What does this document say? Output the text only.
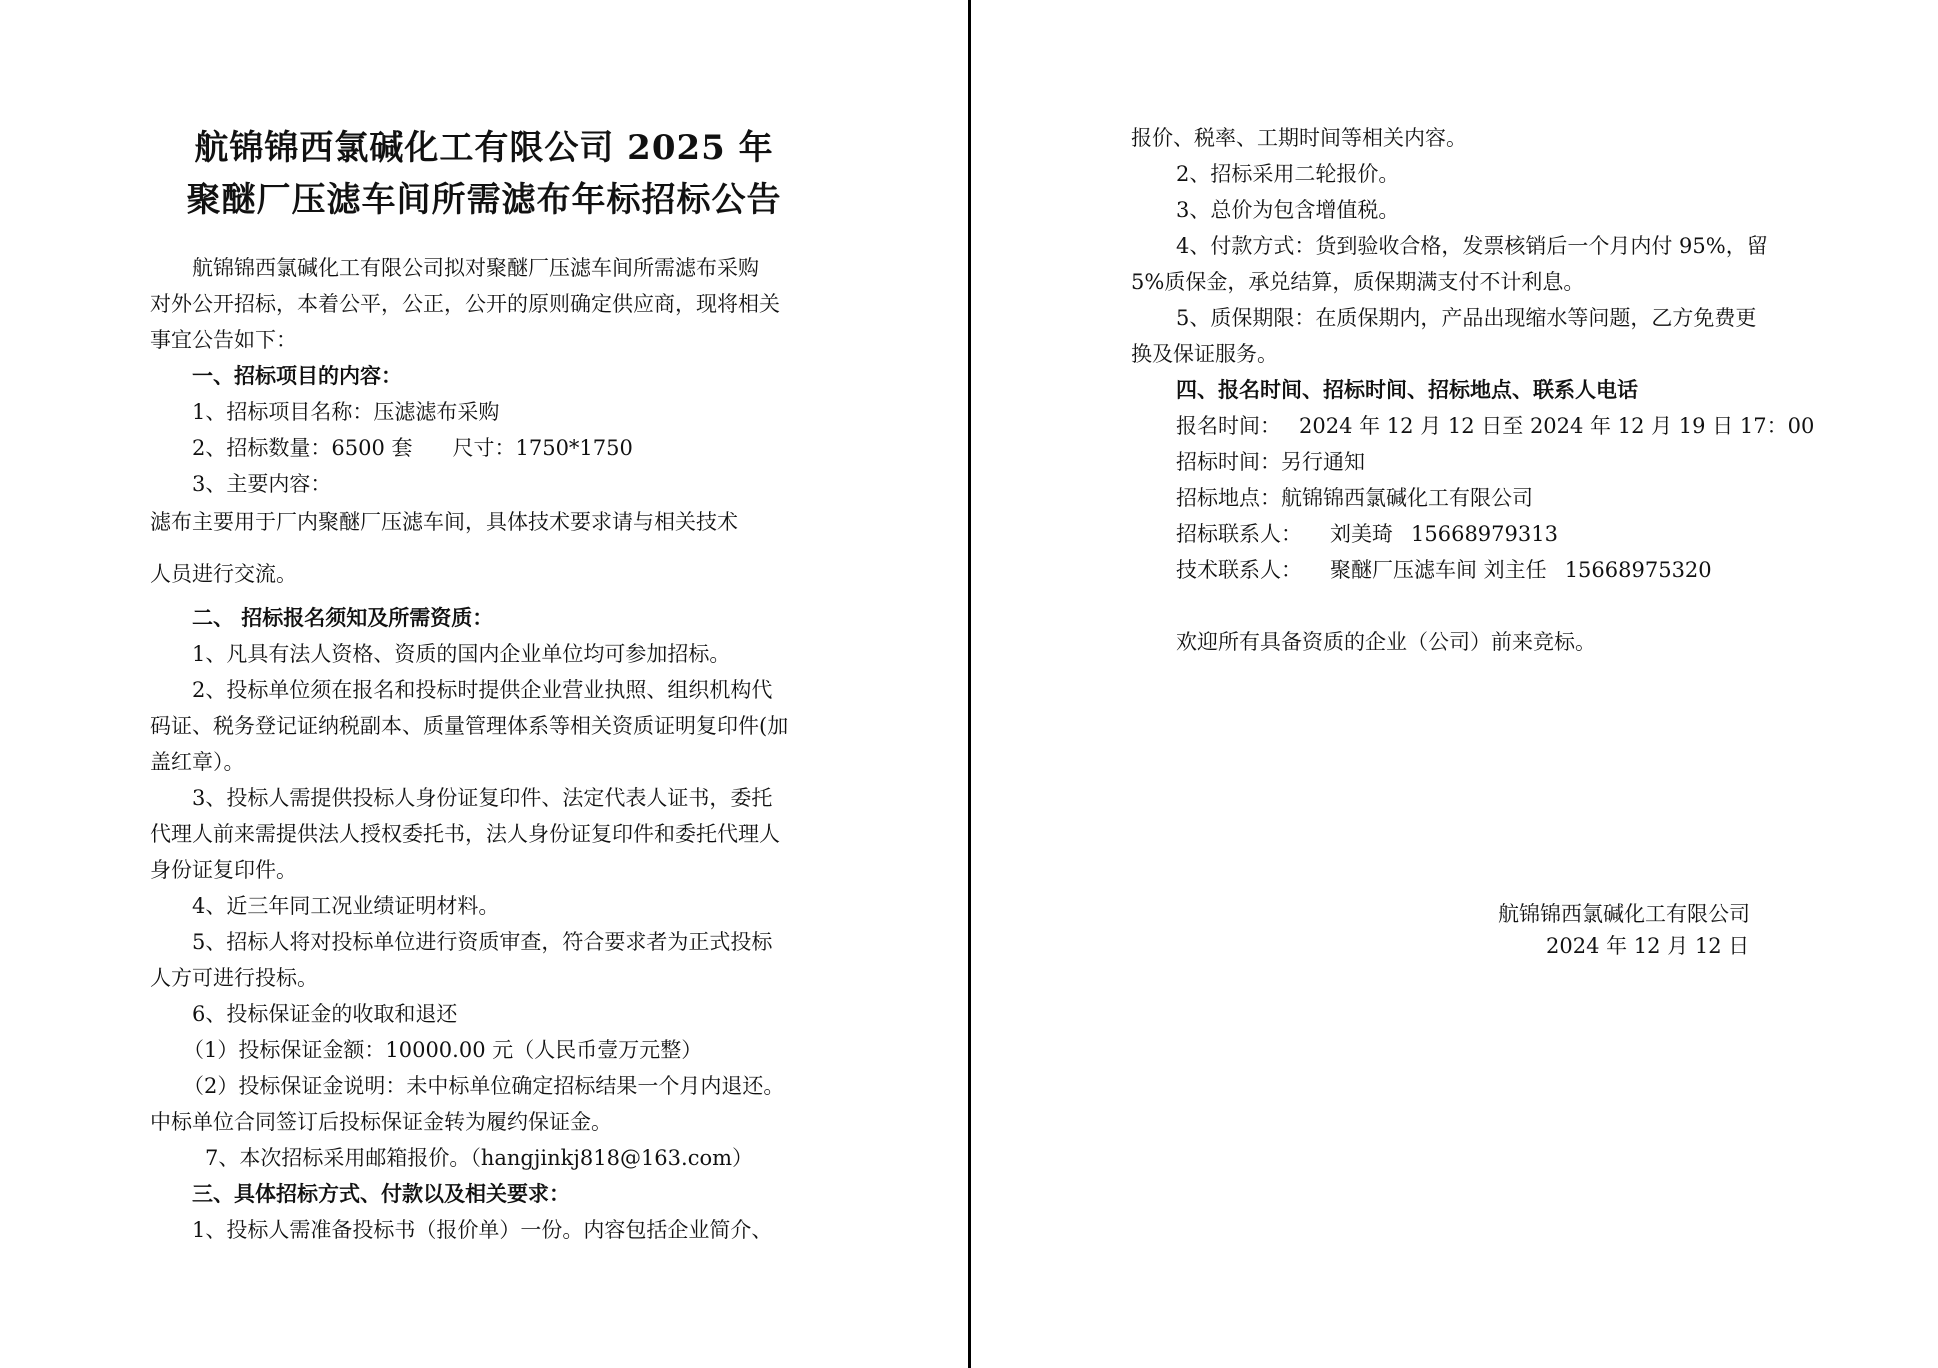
航锦锦西氯碱化工有限公司 2025 年
聚醚厂压滤车间所需滤布年标招标公告
航锦锦西氯碱化工有限公司拟对聚醚厂压滤车间所需滤布采购
对外公开招标，本着公平，公正，公开的原则确定供应商，现将相关
事宜公告如下：
一、招标项目的内容：
1、招标项目名称：压滤滤布采购
2、招标数量：6500 套 尺寸：1750*1750
3、主要内容：
滤布主要用于厂内聚醚厂压滤车间，具体技术要求请与相关技术
人员进行交流。
二、 招标报名须知及所需资质：
1、凡具有法人资格、资质的国内企业单位均可参加招标。
2、投标单位须在报名和投标时提供企业营业执照、组织机构代
码证、税务登记证纳税副本、质量管理体系等相关资质证明复印件(加
盖红章）。
3、投标人需提供投标人身份证复印件、法定代表人证书，委托
代理人前来需提供法人授权委托书，法人身份证复印件和委托代理人
身份证复印件。
4、近三年同工况业绩证明材料。
5、招标人将对投标单位进行资质审查，符合要求者为正式投标
人方可进行投标。
6、投标保证金的收取和退还
（1）投标保证金额：10000.00 元（人民币壹万元整）
（2）投标保证金说明：未中标单位确定招标结果一个月内退还。
中标单位合同签订后投标保证金转为履约保证金。
7、本次招标采用邮箱报价。（hangjinkj818@163.com）
三、具体招标方式、付款以及相关要求：
1、投标人需准备投标书（报价单）一份。内容包括企业简介、
报价、税率、工期时间等相关内容。
2、招标采用二轮报价。
3、总价为包含增值税。
4、付款方式：货到验收合格，发票核销后一个月内付 95%，留
5%质保金，承兑结算，质保期满支付不计利息。
5、质保期限：在质保期内，产品出现缩水等问题，乙方免费更
换及保证服务。
四、报名时间、招标时间、招标地点、联系人电话
报名时间： 2024 年 12 月 12 日至 2024 年 12 月 19 日 17：00
招标时间：另行通知
招标地点：航锦锦西氯碱化工有限公司
招标联系人： 刘美琦 15668979313
技术联系人： 聚醚厂压滤车间 刘主任 15668975320
欢迎所有具备资质的企业（公司）前来竞标。
航锦锦西氯碱化工有限公司
2024 年 12 月 12 日
